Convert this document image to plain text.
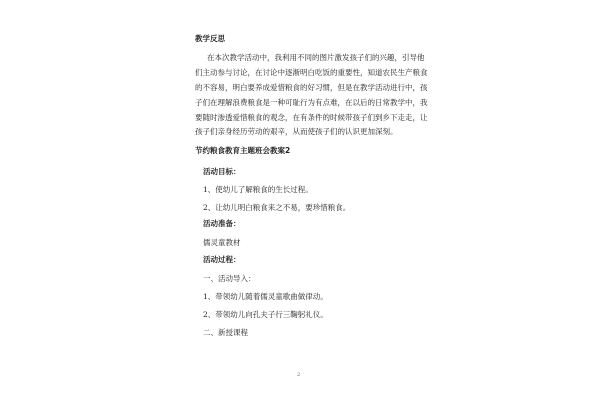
教学反思
在本次教学活动中，我利用不同的图片激发孩子们的兴趣，引导他
们主动参与讨论，在讨论中逐渐明白吃饭的重要性，知道农民生产粮食
的不容易，明白要养成爱惜粮食的好习惯，但是在教学活动进行中，孩
子们在理解浪费粮食是一种可耻行为有点难，在以后的日常教学中，我
要随时渗透爱惜粮食的观念，在有条件的时候带孩子们到乡下走走，让
孩子们亲身经历劳动的艰辛，从而使孩子们的认识更加深刻。
节约粮食教育主题班会教案2
活动目标：
1、使幼儿了解粮食的生长过程。
2、让幼儿明白粮食来之不易，要珍惜粮食。
活动准备：
儒灵童教材
活动过程：
一、活动导入：
1、带领幼儿随着儒灵童歌曲做律动。
2、带领幼儿向孔夫子行三鞠躬礼仪。
二、新授课程
2
